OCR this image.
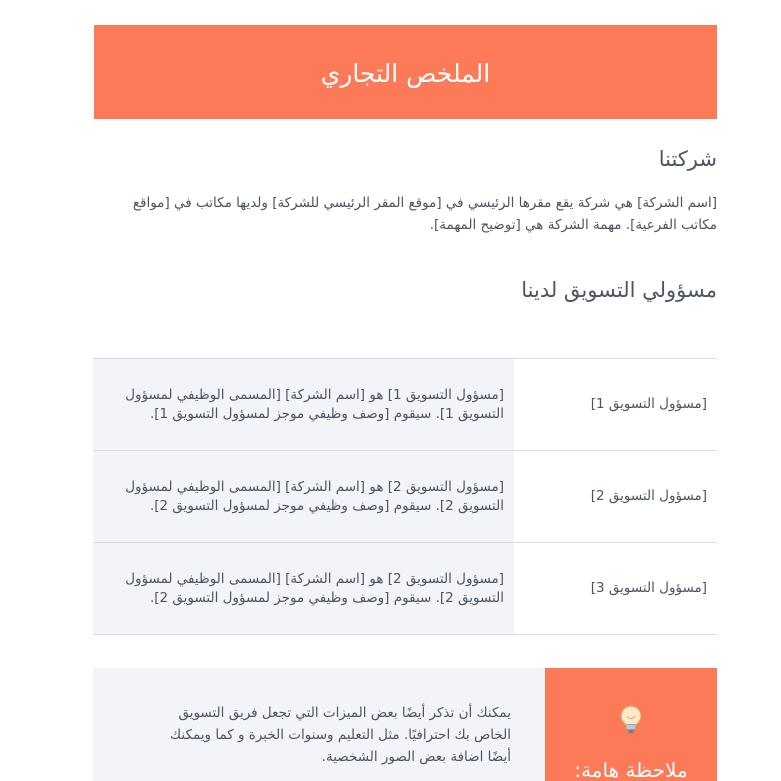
الملخص التجاري
شركتنا

[اسم الشركة] هي شركة يقع مقرها الرئيسي في [موقع المقر الرئيسي للشركة] ولديها مكاتب في [مواقع مكاتب الفرعية]. مهمة الشركة هي [توضيح المهمة].

مسؤولي التسويق لدينا
[مسؤول التسويق 1]	[مسؤول التسويق 1] هو [اسم الشركة] [المسمى الوظيفي لمسؤول التسويق 1]. سيقوم [وصف وظيفي موجز لمسؤول التسويق 1].

[مسؤول التسويق 2]	[مسؤول التسويق 2] هو [اسم الشركة] [المسمى الوظيفي لمسؤول التسويق 2]. سيقوم [وصف وظيفي موجز لمسؤول التسويق 2].

[مسؤول التسويق 3]	[مسؤول التسويق 2] هو [اسم الشركة] [المسمى الوظيفي لمسؤول التسويق 2]. سيقوم [وصف وظيفي موجز لمسؤول التسويق 2].

يمكنك أن تذكر أيضًا بعض الميزات التي تجعل فريق التسويق الخاص بك احترافيًا. مثل التعليم وسنوات الخبرة و كما ويمكنك أيضًا اضافة بعض الصور الشخصية.

ملاحظة هامة:
